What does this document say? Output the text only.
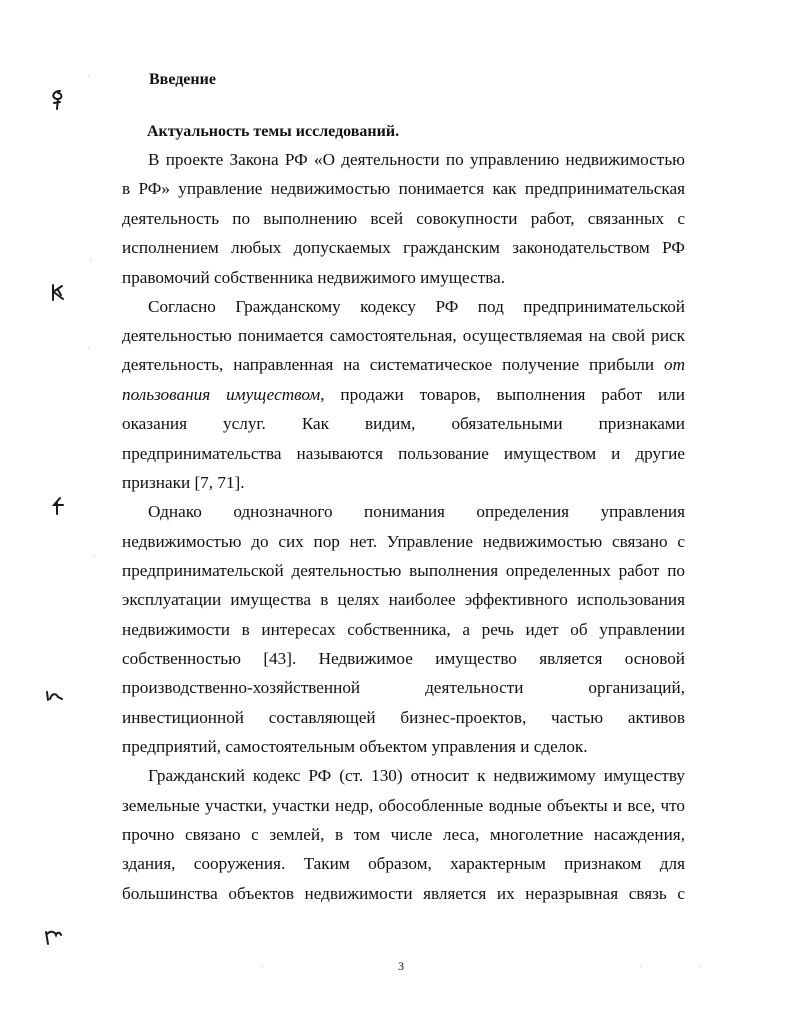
Введение
Актуальность темы исследований.
В проекте Закона РФ «О деятельности по управлению недвижимостью
в РФ» управление недвижимостью понимается как предпринимательская
деятельность по выполнению всей совокупности работ, связанных с
исполнением любых допускаемых гражданским законодательством РФ
правомочий собственника недвижимого имущества.
Согласно Гражданскому кодексу РФ под предпринимательской
деятельностью понимается самостоятельная, осуществляемая на свой риск
деятельность, направленная на систематическое получение прибыли от
пользования имуществом, продажи товаров, выполнения работ или
оказания услуг. Как видим, обязательными признаками
предпринимательства называются пользование имуществом и другие
признаки [7, 71].
Однако однозначного понимания определения управления
недвижимостью до сих пор нет. Управление недвижимостью связано с
предпринимательской деятельностью выполнения определенных работ по
эксплуатации имущества в целях наиболее эффективного использования
недвижимости в интересах собственника, а речь идет об управлении
собственностью [43]. Недвижимое имущество является основой
производственно-хозяйственной деятельности организаций,
инвестиционной составляющей бизнес-проектов, частью активов
предприятий, самостоятельным объектом управления и сделок.
Гражданский кодекс РФ (ст. 130) относит к недвижимому имуществу
земельные участки, участки недр, обособленные водные объекты и все, что
прочно связано с землей, в том числе леса, многолетние насаждения,
здания, сооружения. Таким образом, характерным признаком для
большинства объектов недвижимости является их неразрывная связь с
3
